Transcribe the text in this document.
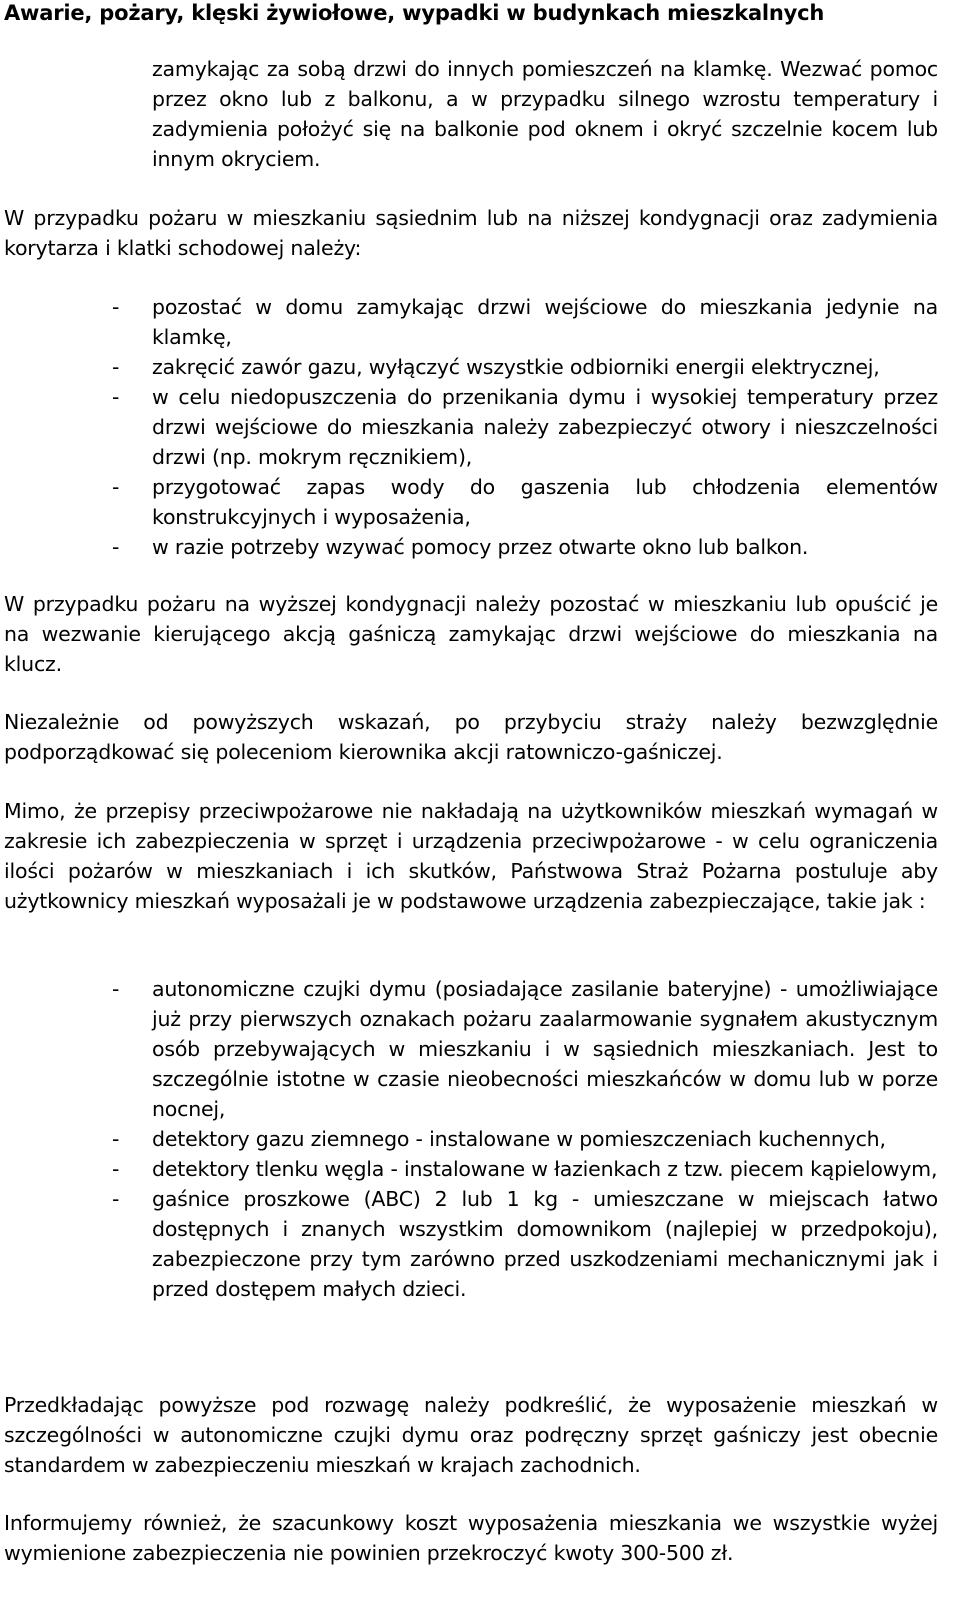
Awarie, pożary, klęski żywiołowe, wypadki w budynkach mieszkalnych
zamykając za sobą drzwi do innych pomieszczeń na klamkę. Wezwać pomoc przez okno lub z balkonu, a w przypadku silnego wzrostu temperatury i zadymienia położyć się na balkonie pod oknem i okryć szczelnie kocem lub innym okryciem.
W przypadku pożaru w mieszkaniu sąsiednim lub na niższej kondygnacji oraz zadymienia korytarza i klatki schodowej należy:
- pozostać w domu zamykając drzwi wejściowe do mieszkania jedynie na klamkę,
- zakręcić zawór gazu, wyłączyć wszystkie odbiorniki energii elektrycznej,
- w celu niedopuszczenia do przenikania dymu i wysokiej temperatury przez drzwi wejściowe do mieszkania należy zabezpieczyć otwory i nieszczelności drzwi (np. mokrym ręcznikiem),
- przygotować zapas wody do gaszenia lub chłodzenia elementów konstrukcyjnych i wyposażenia,
- w razie potrzeby wzywać pomocy przez otwarte okno lub balkon.
W przypadku pożaru na wyższej kondygnacji należy pozostać w mieszkaniu lub opuścić je na wezwanie kierującego akcją gaśniczą zamykając drzwi wejściowe do mieszkania na klucz.
Niezależnie od powyższych wskazań, po przybyciu straży należy bezwzględnie podporządkować się poleceniom kierownika akcji ratowniczo-gaśniczej.
Mimo, że przepisy przeciwpożarowe nie nakładają na użytkowników mieszkań wymagań w zakresie ich zabezpieczenia w sprzęt i urządzenia przeciwpożarowe - w celu ograniczenia ilości pożarów w mieszkaniach i ich skutków, Państwowa Straż Pożarna postuluje aby użytkownicy mieszkań wyposażali je w podstawowe urządzenia zabezpieczające, takie jak :
- autonomiczne czujki dymu (posiadające zasilanie bateryjne) - umożliwiające już przy pierwszych oznakach pożaru zaalarmowanie sygnałem akustycznym osób przebywających w mieszkaniu i w sąsiednich mieszkaniach. Jest to szczególnie istotne w czasie nieobecności mieszkańców w domu lub w porze nocnej,
- detektory gazu ziemnego - instalowane w pomieszczeniach kuchennych,
- detektory tlenku węgla - instalowane w łazienkach z tzw. piecem kąpielowym,
- gaśnice proszkowe (ABC) 2 lub 1 kg - umieszczane w miejscach łatwo dostępnych i znanych wszystkim domownikom (najlepiej w przedpokoju), zabezpieczone przy tym zarówno przed uszkodzeniami mechanicznymi jak i przed dostępem małych dzieci.
Przedkładając powyższe pod rozwagę należy podkreślić, że wyposażenie mieszkań w szczególności w autonomiczne czujki dymu oraz podręczny sprzęt gaśniczy jest obecnie standardem w zabezpieczeniu mieszkań w krajach zachodnich.
Informujemy również, że szacunkowy koszt wyposażenia mieszkania we wszystkie wyżej wymienione zabezpieczenia nie powinien przekroczyć kwoty 300-500 zł.
